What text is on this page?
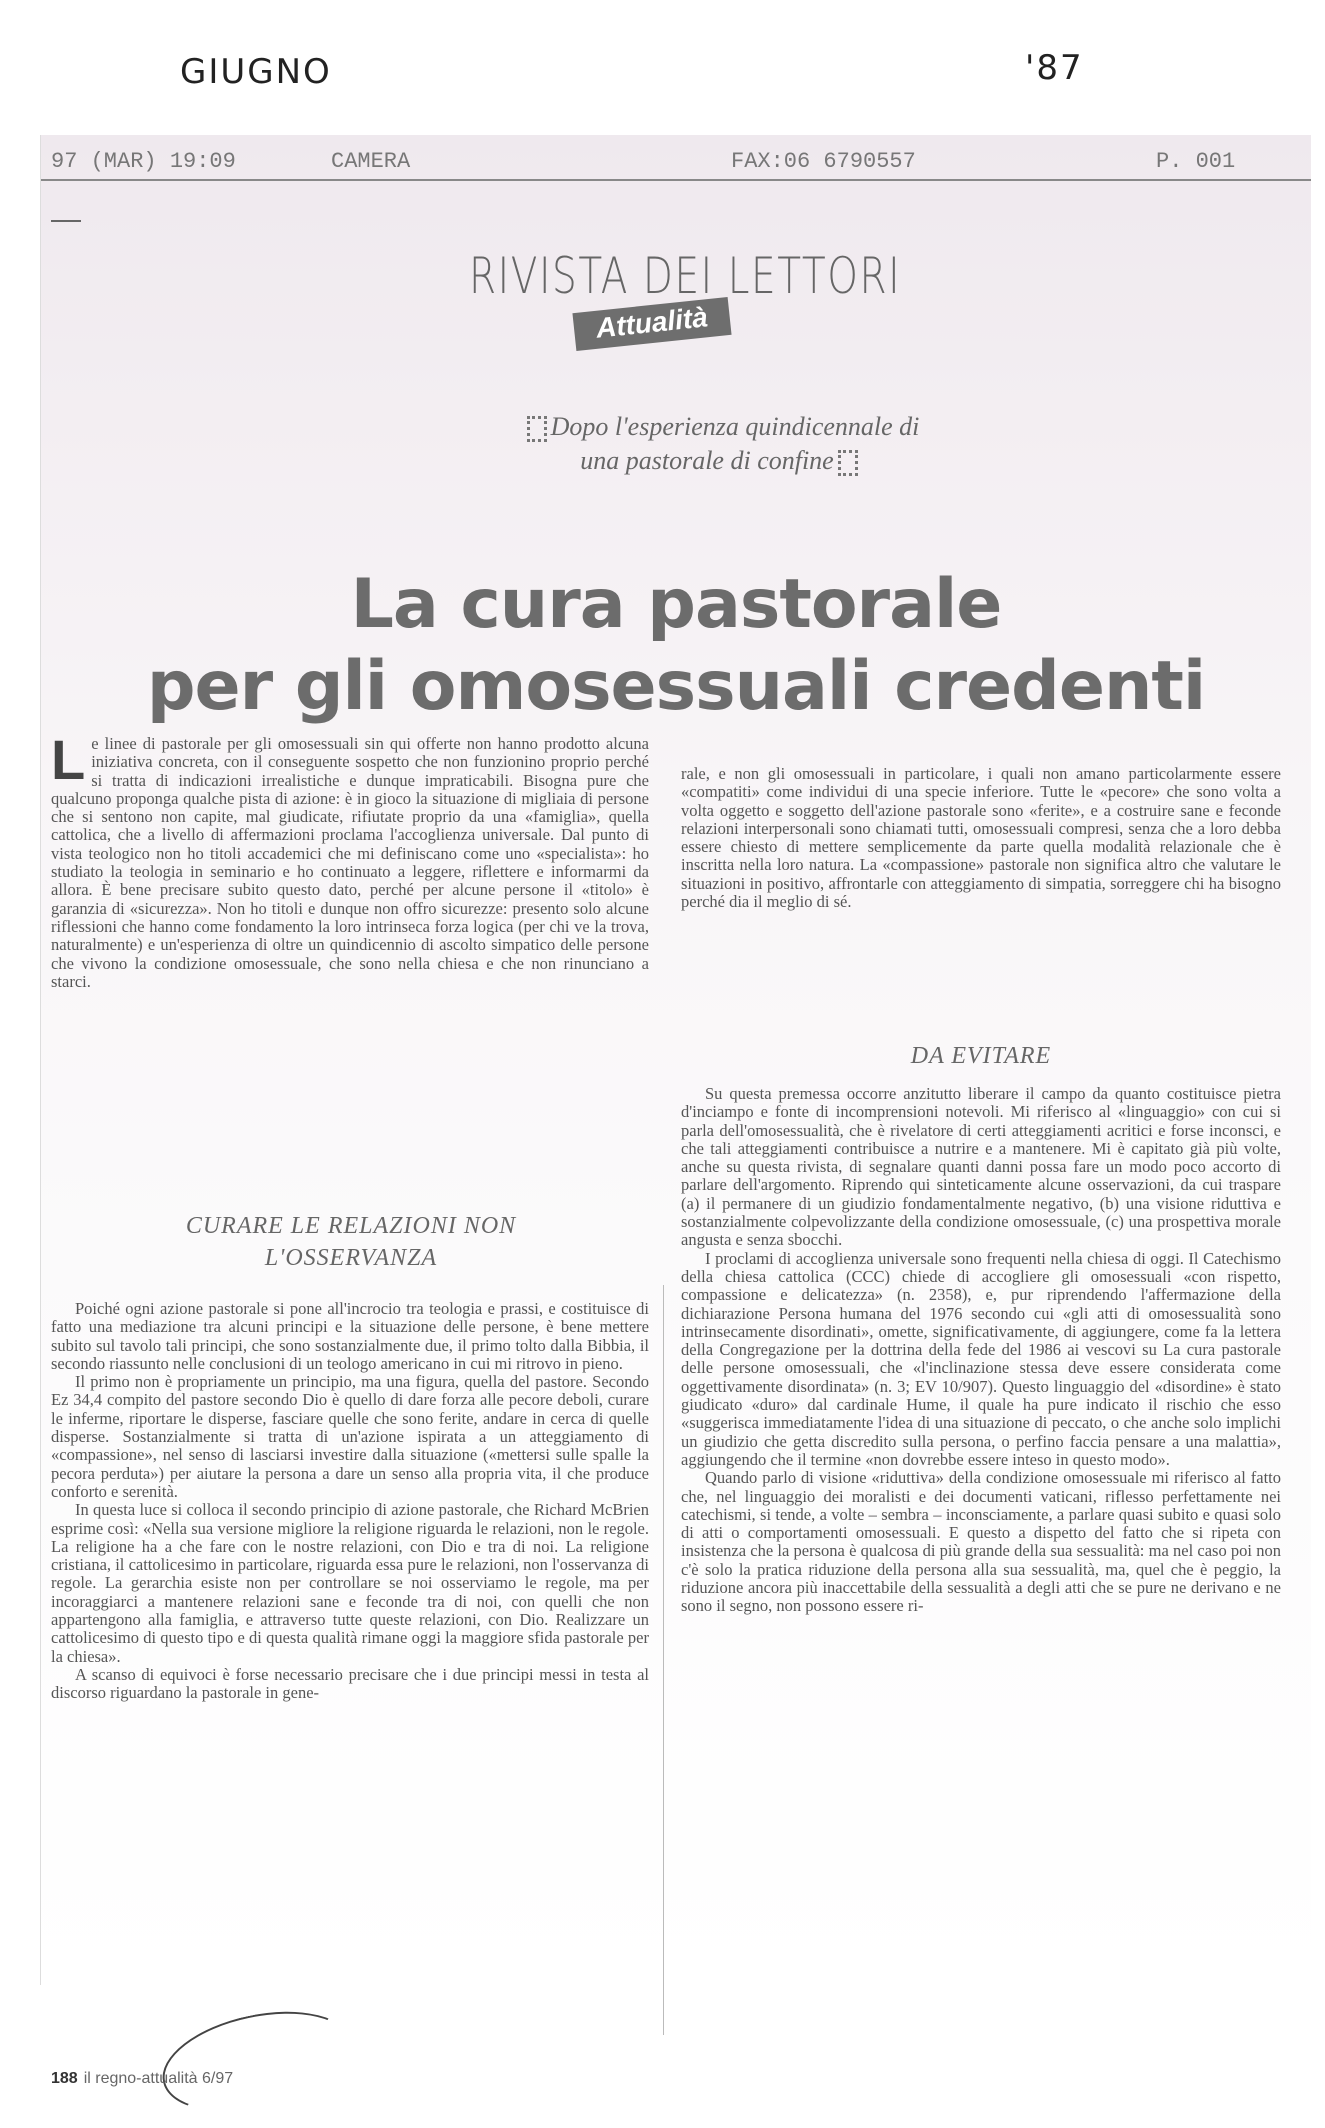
GIUGNO	'87
97 (MAR) 19:09	CAMERA	FAX:06 6790557	P. 001
RIVISTA DEI LETTORI
Attualità
Dopo l'esperienza quindicennale di una pastorale di confine
La cura pastorale
per gli omosessuali credenti
L e linee di pastorale per gli omosessuali sin qui offerte non hanno prodotto alcuna iniziativa concreta, con il conseguente sospetto che non funzionino proprio perché si tratta di indicazioni irrealistiche e dunque impraticabili. Bisogna pure che qualcuno proponga qualche pista di azione: è in gioco la situazione di migliaia di persone che si sentono non capite, mal giudicate, rifiutate proprio da una «famiglia», quella cattolica, che a livello di affermazioni proclama l'accoglienza universale. Dal punto di vista teologico non ho titoli accademici che mi definiscano come uno «specialista»: ho studiato la teologia in seminario e ho continuato a leggere, riflettere e informarmi da allora. È bene precisare subito questo dato, perché per alcune persone il «titolo» è garanzia di «sicurezza». Non ho titoli e dunque non offro sicurezze: presento solo alcune riflessioni che hanno come fondamento la loro intrinseca forza logica (per chi ve la trova, naturalmente) e un'esperienza di oltre un quindicennio di ascolto simpatico delle persone che vivono la condizione omosessuale, che sono nella chiesa e che non rinunciano a starci.

rale, e non gli omosessuali in particolare, i quali non amano particolarmente essere «compatiti» come individui di una specie inferiore. Tutte le «pecore» che sono volta a volta oggetto e soggetto dell'azione pastorale sono «ferite», e a costruire sane e feconde relazioni interpersonali sono chiamati tutti, omosessuali compresi, senza che a loro debba essere chiesto di mettere semplicemente da parte quella modalità relazionale che è inscritta nella loro natura. La «compassione» pastorale non significa altro che valutare le situazioni in positivo, affrontarle con atteggiamento di simpatia, sorreggere chi ha bisogno perché dia il meglio di sé.

CURARE LE RELAZIONI NON L'OSSERVANZA
DA EVITARE

Poiché ogni azione pastorale si pone all'incrocio tra teologia e prassi, e costituisce di fatto una mediazione tra alcuni principi e la situazione delle persone, è bene mettere subito sul tavolo tali principi, che sono sostanzialmente due, il primo tolto dalla Bibbia, il secondo riassunto nelle conclusioni di un teologo americano in cui mi ritrovo in pieno.

Il primo non è propriamente un principio, ma una figura, quella del pastore. Secondo Ez 34,4 compito del pastore secondo Dio è quello di dare forza alle pecore deboli, curare le inferme, riportare le disperse, fasciare quelle che sono ferite, andare in cerca di quelle disperse. Sostanzialmente si tratta di un'azione ispirata a un atteggiamento di «compassione», nel senso di lasciarsi investire dalla situazione («mettersi sulle spalle la pecora perduta») per aiutare la persona a dare un senso alla propria vita, il che produce conforto e serenità.

In questa luce si colloca il secondo principio di azione pastorale, che Richard McBrien esprime così: «Nella sua versione migliore la religione riguarda le relazioni, non le regole. La religione ha a che fare con le nostre relazioni, con Dio e tra di noi. La religione cristiana, il cattolicesimo in particolare, riguarda essa pure le relazioni, non l'osservanza di regole. La gerarchia esiste non per controllare se noi osserviamo le regole, ma per incoraggiarci a mantenere relazioni sane e feconde tra di noi, con quelli che non appartengono alla famiglia, e attraverso tutte queste relazioni, con Dio. Realizzare un cattolicesimo di questo tipo e di questa qualità rimane oggi la maggiore sfida pastorale per la chiesa».

A scanso di equivoci è forse necessario precisare che i due principi messi in testa al discorso riguardano la pastorale in gene-

Su questa premessa occorre anzitutto liberare il campo da quanto costituisce pietra d'inciampo e fonte di incomprensioni notevoli. Mi riferisco al «linguaggio» con cui si parla dell'omosessualità, che è rivelatore di certi atteggiamenti acritici e forse inconsci, e che tali atteggiamenti contribuisce a nutrire e a mantenere. Mi è capitato già più volte, anche su questa rivista, di segnalare quanti danni possa fare un modo poco accorto di parlare dell'argomento. Riprendo qui sinteticamente alcune osservazioni, da cui traspare (a) il permanere di un giudizio fondamentalmente negativo, (b) una visione riduttiva e sostanzialmente colpevolizzante della condizione omosessuale, (c) una prospettiva morale angusta e senza sbocchi.

I proclami di accoglienza universale sono frequenti nella chiesa di oggi. Il Catechismo della chiesa cattolica (CCC) chiede di accogliere gli omosessuali «con rispetto, compassione e delicatezza» (n. 2358), e, pur riprendendo l'affermazione della dichiarazione Persona humana del 1976 secondo cui «gli atti di omosessualità sono intrinsecamente disordinati», omette, significativamente, di aggiungere, come fa la lettera della Congregazione per la dottrina della fede del 1986 ai vescovi su La cura pastorale delle persone omosessuali, che «l'inclinazione stessa deve essere considerata come oggettivamente disordinata» (n. 3; EV 10/907). Questo linguaggio del «disordine» è stato giudicato «duro» dal cardinale Hume, il quale ha pure indicato il rischio che esso «suggerisca immediatamente l'idea di una situazione di peccato, o che anche solo implichi un giudizio che getta discredito sulla persona, o perfino faccia pensare a una malattia», aggiungendo che il termine «non dovrebbe essere inteso in questo modo».

Quando parlo di visione «riduttiva» della condizione omosessuale mi riferisco al fatto che, nel linguaggio dei moralisti e dei documenti vaticani, riflesso perfettamente nei catechismi, si tende, a volte – sembra – inconsciamente, a parlare quasi subito e quasi solo di atti o comportamenti omosessuali. E questo a dispetto del fatto che si ripeta con insistenza che la persona è qualcosa di più grande della sua sessualità: ma nel caso poi non c'è solo la pratica riduzione della persona alla sua sessualità, ma, quel che è peggio, la riduzione ancora più inaccettabile della sessualità a degli atti che se pure ne derivano e ne sono il segno, non possono essere ri-

188 il regno-attualità 6/97
